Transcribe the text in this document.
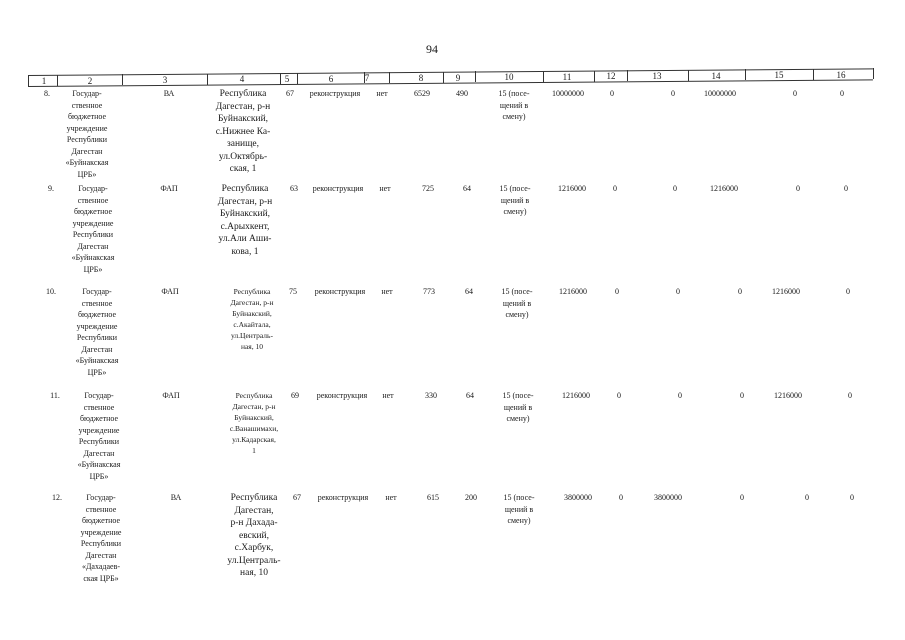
94
1	2	3	4	5	6	7	8	9	10	11	12	13	14	15	16
8.	Государ-
ственное
бюджетное
учреждение
Республики
Дагестан
«Буйнакская
ЦРБ»
ВА	Республика
Дагестан, р-н
Буйнакский,
с.Нижнее Ка-
занище,
ул.Октябрь-
ская, 1
67	реконструкция	нет	6529	490	15 (посе-
щений в
смену)
10000000	0	0	10000000	0	0
9.	Государ-
ственное
бюджетное
учреждение
Республики
Дагестан
«Буйнакская
ЦРБ»
ФАП	Республика
Дагестан, р-н
Буйнакский,
с.Арыхкент,
ул.Али Аши-
кова, 1
63	реконструкция	нет	725	64	15 (посе-
щений в
смену)
1216000	0	0	1216000	0	0
10.	Государ-
ственное
бюджетное
учреждение
Республики
Дагестан
«Буйнакская
ЦРБ»
ФАП	Республика
Дагестан, р-н
Буйнакский,
с.Акайтала,
ул.Централь-
ная, 10
75	реконструкция	нет	773	64	15 (посе-
щений в
смену)
1216000	0	0	0	1216000	0
11.	Государ-
ственное
бюджетное
учреждение
Республики
Дагестан
«Буйнакская
ЦРБ»
ФАП	Республика
Дагестан, р-н
Буйнакский,
с.Ванашимахи,
ул.Кадарская,
1
69	реконструкция	нет	330	64	15 (посе-
щений в
смену)
1216000	0	0	0	1216000	0
12.	Государ-
ственное
бюджетное
учреждение
Республики
Дагестан
«Дахадаев-
ская ЦРБ»
ВА	Республика
Дагестан,
р-н Дахада-
евский,
с.Харбук,
ул.Централь-
ная, 10
67	реконструкция	нет	615	200	15 (посе-
щений в
смену)
3800000	0	3800000	0	0	0
